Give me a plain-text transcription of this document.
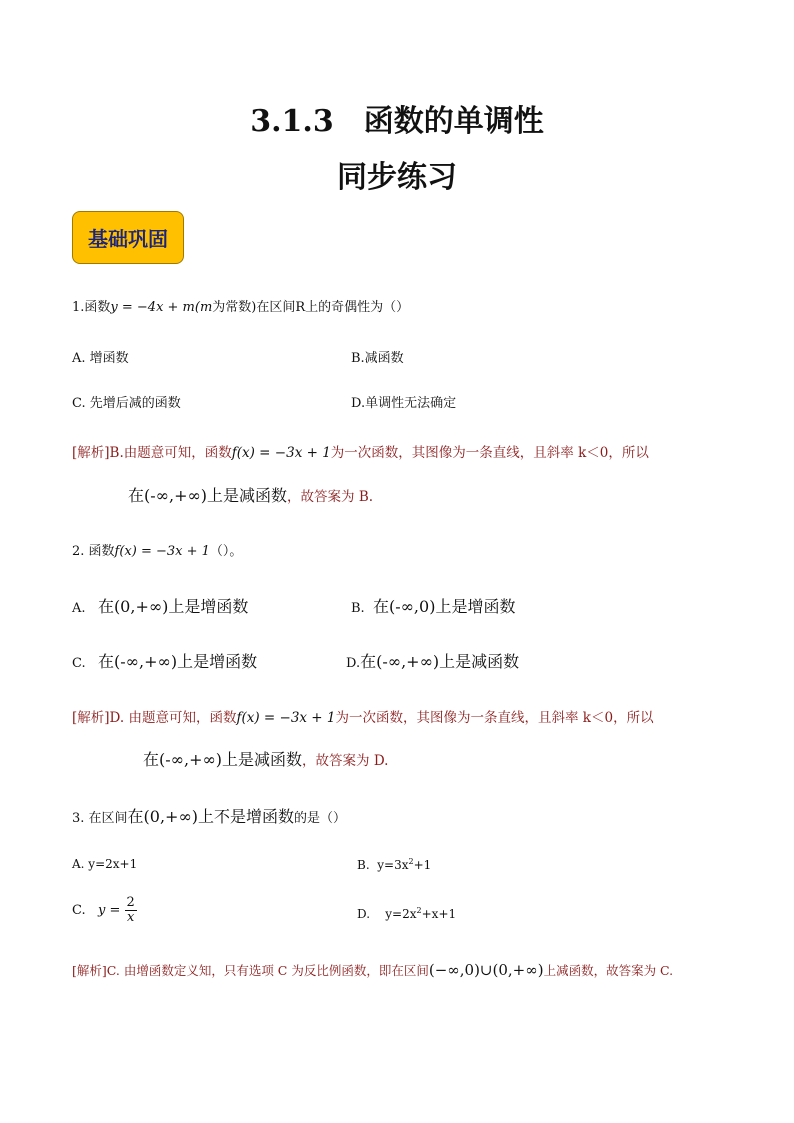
3.1.3　函数的单调性
同步练习
基础巩固
1.函数y = −4x + m(m为常数)在区间R上的奇偶性为（）
A. 增函数	B.减函数
C. 先增后减的函数	D.单调性无法确定
[解析]B.由题意可知，函数f(x) = −3x + 1为一次函数，其图像为一条直线，且斜率 k＜0，所以
在(-∞,+∞)上是减函数，故答案为 B.
2. 函数f(x) = −3x + 1（）。
A. 在(0,+∞)上是增函数	B. 在(-∞,0)上是增函数
C. 在(-∞,+∞)上是增函数	D.在(-∞,+∞)上是减函数
[解析]D. 由题意可知，函数f(x) = −3x + 1为一次函数，其图像为一条直线，且斜率 k＜0，所以
在(-∞,+∞)上是减函数，故答案为 D.
3. 在区间在(0,+∞)上不是增函数的是（）
A. y=2x+1	B. $y=3x^2+1$
C. $y = \frac{2}{x}$	D. $y=2x^2+x+1$
[解析]C. 由增函数定义知，只有选项 C 为反比例函数，即在区间(−∞,0)∪(0,+∞)上减函数，故答案为 C.
